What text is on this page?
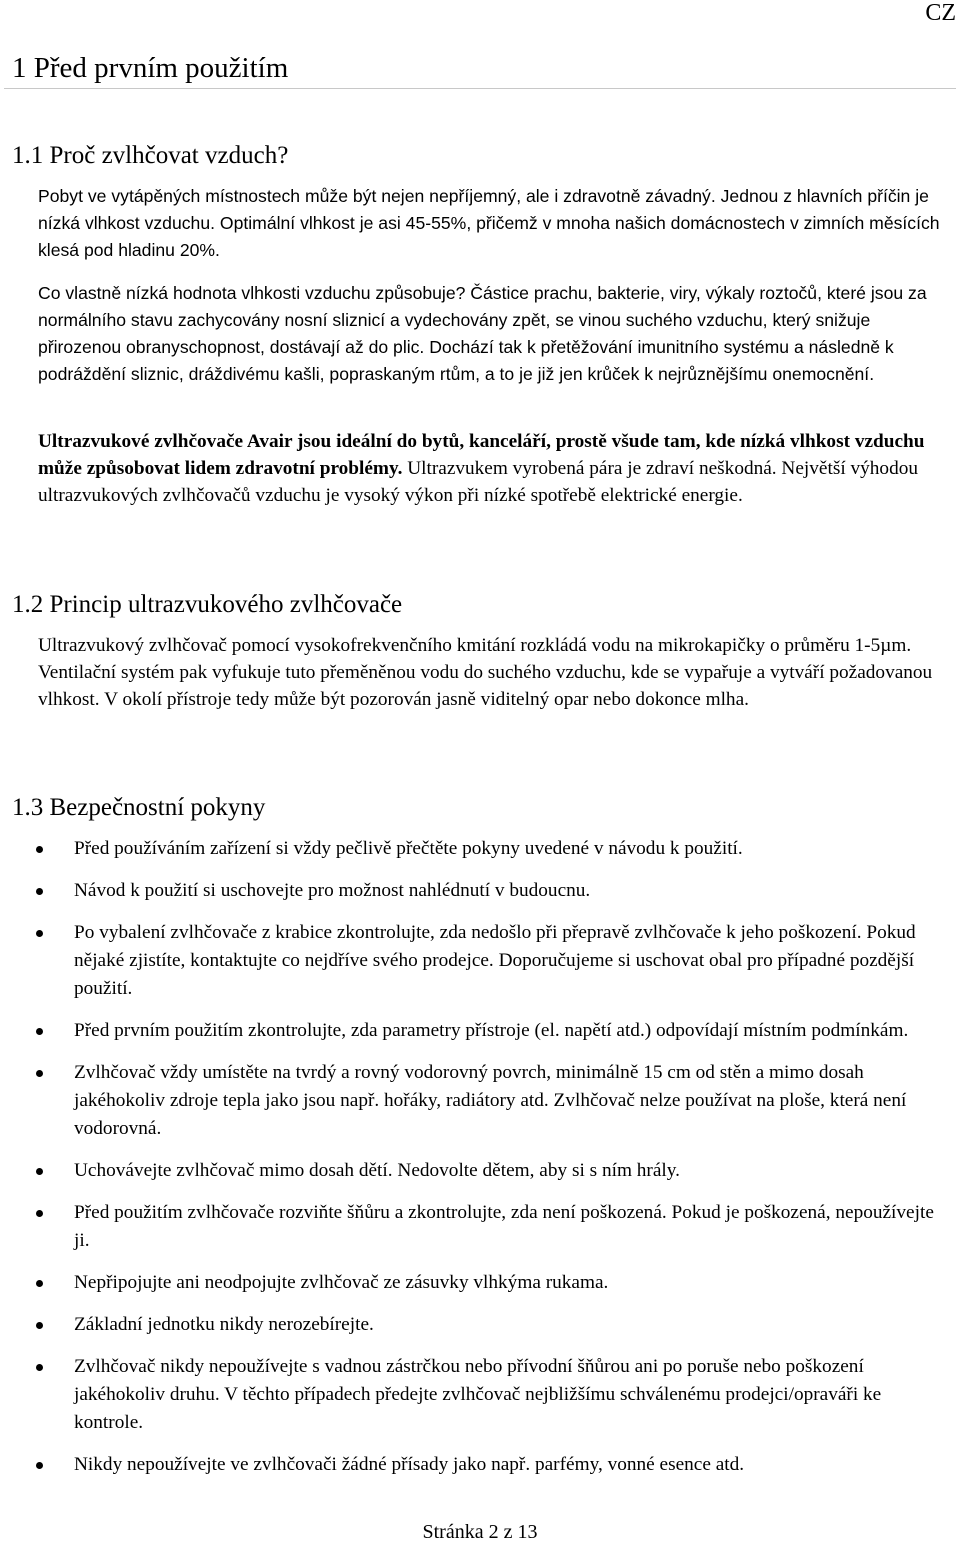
CZ
1 Před prvním použitím
1.1 Proč zvlhčovat vzduch?
Pobyt ve vytápěných místnostech může být nejen nepříjemný, ale i zdravotně závadný. Jednou z hlavních příčin je nízká vlhkost vzduchu. Optimální vlhkost je asi 45-55%, přičemž v mnoha našich domácnostech v zimních měsících klesá pod hladinu 20%.
Co vlastně nízká hodnota vlhkosti vzduchu způsobuje? Částice prachu, bakterie, viry, výkaly roztočů, které jsou za normálního stavu zachycovány nosní sliznicí a vydechovány zpět, se vinou suchého vzduchu, který snižuje přirozenou obranyschopnost, dostávají až do plic. Dochází tak k přetěžování imunitního systému a následně k podráždění sliznic, dráždivému kašli, popraskaným rtům, a to je již jen krůček k nejrůznějšímu onemocnění.
Ultrazvukové zvlhčovače Avair jsou ideální do bytů, kanceláří, prostě všude tam, kde nízká vlhkost vzduchu může způsobovat lidem zdravotní problémy. Ultrazvukem vyrobená pára je zdraví neškodná. Největší výhodou ultrazvukových zvlhčovačů vzduchu je vysoký výkon při nízké spotřebě elektrické energie.
1.2 Princip ultrazvukového zvlhčovače
Ultrazvukový zvlhčovač pomocí vysokofrekvenčního kmitání rozkládá vodu na mikrokapičky o průměru 1-5µm. Ventilační systém pak vyfukuje tuto přeměněnou vodu do suchého vzduchu, kde se vypařuje a vytváří požadovanou vlhkost. V okolí přístroje tedy může být pozorován jasně viditelný opar nebo dokonce mlha.
1.3 Bezpečnostní pokyny
Před používáním zařízení si vždy pečlivě přečtěte pokyny uvedené v návodu k použití.
Návod k použití si uschovejte pro možnost nahlédnutí v budoucnu.
Po vybalení zvlhčovače z krabice zkontrolujte, zda nedošlo při přepravě zvlhčovače k jeho poškození. Pokud nějaké zjistíte, kontaktujte co nejdříve svého prodejce. Doporučujeme si uschovat obal pro případné pozdější použití.
Před prvním použitím zkontrolujte, zda parametry přístroje (el. napětí atd.) odpovídají místním podmínkám.
Zvlhčovač vždy umístěte na tvrdý a rovný vodorovný povrch, minimálně 15 cm od stěn a mimo dosah jakéhokoliv zdroje tepla jako jsou např. hořáky, radiátory atd. Zvlhčovač nelze používat na ploše, která není vodorovná.
Uchovávejte zvlhčovač mimo dosah dětí. Nedovolte dětem, aby si s ním hrály.
Před použitím zvlhčovače rozviňte šňůru a zkontrolujte, zda není poškozená. Pokud je poškozená, nepoužívejte ji.
Nepřipojujte ani neodpojujte zvlhčovač ze zásuvky vlhkýma rukama.
Základní jednotku nikdy nerozebírejte.
Zvlhčovač nikdy nepoužívejte s vadnou zástrčkou nebo přívodní šňůrou ani po poruše nebo poškození jakéhokoliv druhu. V těchto případech předejte zvlhčovač nejbližšímu schválenému prodejci/opraváři ke kontrole.
Nikdy nepoužívejte ve zvlhčovači žádné přísady jako např. parfémy, vonné esence atd.
Stránka 2 z 13
